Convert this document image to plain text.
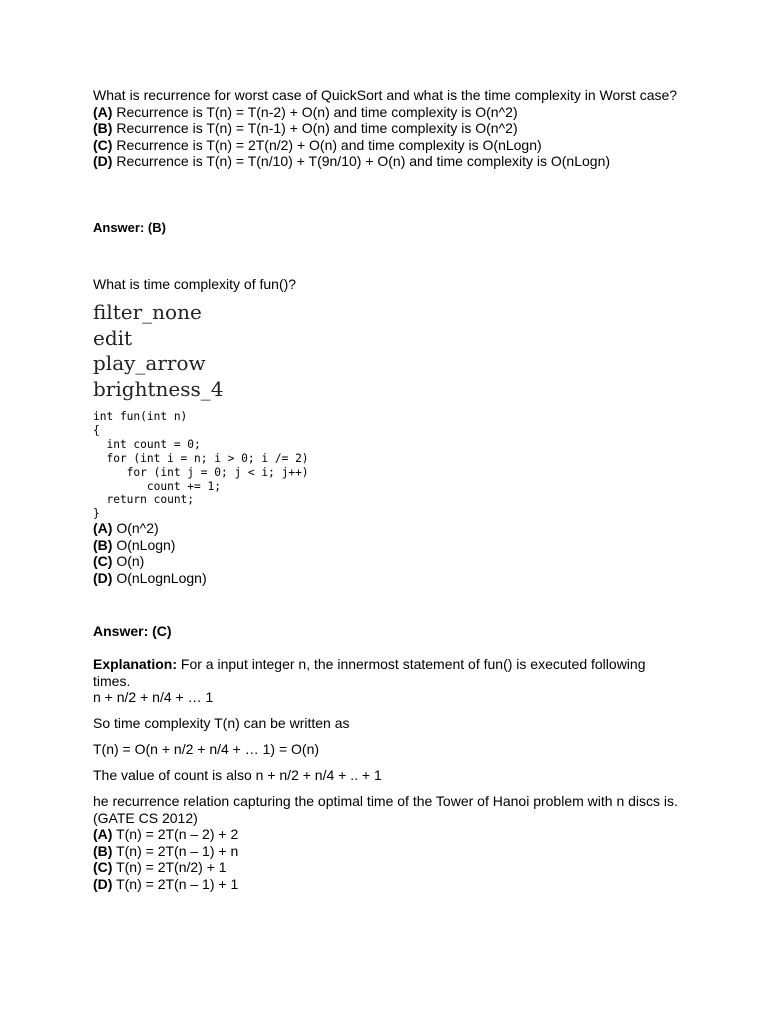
What is recurrence for worst case of QuickSort and what is the time complexity in Worst case?
(A) Recurrence is T(n) = T(n-2) + O(n) and time complexity is O(n^2)
(B) Recurrence is T(n) = T(n-1) + O(n) and time complexity is O(n^2)
(C) Recurrence is T(n) = 2T(n/2) + O(n) and time complexity is O(nLogn)
(D) Recurrence is T(n) = T(n/10) + T(9n/10) + O(n) and time complexity is O(nLogn)
Answer: (B)
What is time complexity of fun()?
filter_none
edit
play_arrow
brightness_4
int fun(int n)
{
int count = 0;
for (int i = n; i > 0; i /= 2)
for (int j = 0; j < i; j++)
count += 1;
return count;
}
(A) O(n^2)
(B) O(nLogn)
(C) O(n)
(D) O(nLognLogn)
Answer: (C)
Explanation: For a input integer n, the innermost statement of fun() is executed following times.
n + n/2 + n/4 + … 1
So time complexity T(n) can be written as
T(n) = O(n + n/2 + n/4 + … 1) = O(n)
The value of count is also n + n/2 + n/4 + .. + 1
he recurrence relation capturing the optimal time of the Tower of Hanoi problem with n discs is. (GATE CS 2012)
(A) T(n) = 2T(n – 2) + 2
(B) T(n) = 2T(n – 1) + n
(C) T(n) = 2T(n/2) + 1
(D) T(n) = 2T(n – 1) + 1
